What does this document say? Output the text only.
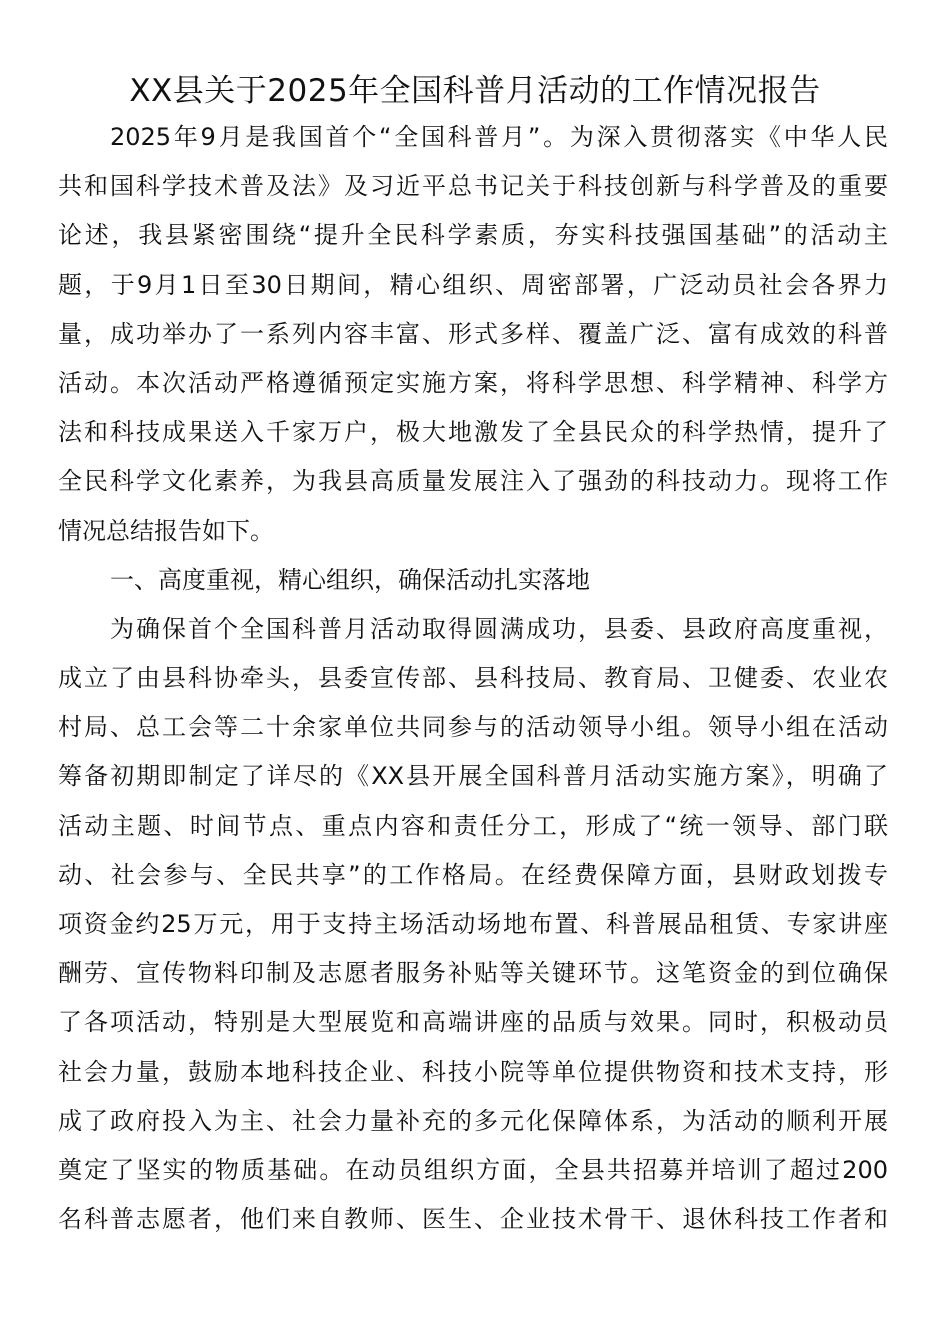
XX县关于2025年全国科普月活动的工作情况报告
2025年9月是我国首个“全国科普月”。为深入贯彻落实《中华人民
共和国科学技术普及法》及习近平总书记关于科技创新与科学普及的重要
论述，我县紧密围绕“提升全民科学素质，夯实科技强国基础”的活动主
题，于9月1日至30日期间，精心组织、周密部署，广泛动员社会各界力
量，成功举办了一系列内容丰富、形式多样、覆盖广泛、富有成效的科普
活动。本次活动严格遵循预定实施方案，将科学思想、科学精神、科学方
法和科技成果送入千家万户，极大地激发了全县民众的科学热情，提升了
全民科学文化素养，为我县高质量发展注入了强劲的科技动力。现将工作
情况总结报告如下。
一、高度重视，精心组织，确保活动扎实落地
为确保首个全国科普月活动取得圆满成功，县委、县政府高度重视，
成立了由县科协牵头，县委宣传部、县科技局、教育局、卫健委、农业农
村局、总工会等二十余家单位共同参与的活动领导小组。领导小组在活动
筹备初期即制定了详尽的《XX县开展全国科普月活动实施方案》，明确了
活动主题、时间节点、重点内容和责任分工，形成了“统一领导、部门联
动、社会参与、全民共享”的工作格局。在经费保障方面，县财政划拨专
项资金约25万元，用于支持主场活动场地布置、科普展品租赁、专家讲座
酬劳、宣传物料印制及志愿者服务补贴等关键环节。这笔资金的到位确保
了各项活动，特别是大型展览和高端讲座的品质与效果。同时，积极动员
社会力量，鼓励本地科技企业、科技小院等单位提供物资和技术支持，形
成了政府投入为主、社会力量补充的多元化保障体系，为活动的顺利开展
奠定了坚实的物质基础。在动员组织方面，全县共招募并培训了超过200
名科普志愿者，他们来自教师、医生、企业技术骨干、退休科技工作者和
